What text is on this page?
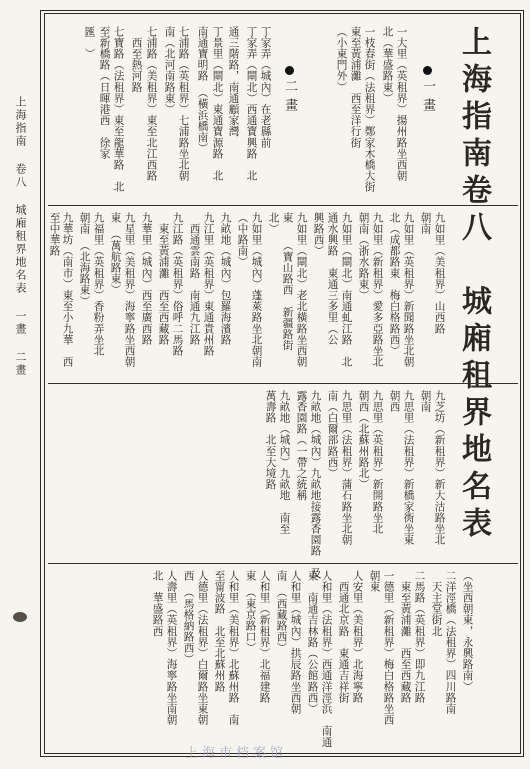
上海指南 卷八 城廂租界地名表 一畫 二畫	上海指南卷八　城廂租界地名表
一畫
二畫	一大里（英租界）揚州路坐西朝
北（華盛路東）
一枝春街（法租界）鄭家木橋大街
東至黃浦灘　西至洋行街
（小東門外）
丁家弄（城內）在老縣前
丁家弄（閘北）西通寶興路　北
通三階路，南通顧家灣
丁景里（閘北）東通寶源路　北
南通寶明路　（橫浜橋南）
七浦路（英租界）七浦路坐北朝
南（北河南路東）
七浦路（美租界）東至北江西路
　西至熱河路
七寶路（法租界）東至龍華路　北
至新橋路（日暉港西　徐家
匯　）
九如里（美租界）山西路
朝南
九如里（英租界）新聞路坐北朝
北（成都路東　梅白格路西）
九如里（新租界）愛多亞路坐北
朝南（浙水路東）
九如里（閘北）南通虬江路　北
通水興路　東通三多里（公
興路西）
九如里（閘北）老北橫路坐西朝
東　　（寶山路西　新疆路街
北）
九如里（城內）蓬萊路坐北朝南
（中路南）
九畝地（城內）包羅海濱路
九江里（英租界）東通貴州路
　西通雲南路　南通九江路
九江路（英租界）俗呼二馬路
　東至黃浦灘　西至西藏路
九華里（城內）西至廣西路
九星里（美租界）海寧路坐西朝
東　（萬航路東）
九福里（英租界）香粉弄坐北
朝南　（北海路東）
九華坊（南市）東至小九華　西
至中華路
九芝坊（新租界）新大沽路坐北
朝南
九思里（法租界）新橋家衖坐東
朝西
九思里（英租界）新開路坐北
朝西（北蘇州路北）
九思里（法租界）蒲石路坐北朝
南（白爾部路西）
九畝地（城內）九畝地接露香園路　及
露香園路（一帶之統稱
九畝地（城內）九畝地　南至
萬壽路　北至大境路
（坐西朝東，永興路南）
二洋涇橋（法租界）四川路南
　天主堂街北
二馬路（英租界）即九江路
　東至黃浦灘　西至西藏路
一德里（新租界）梅白格路坐西
朝東
人安里（美租界）北海寧路
　西通北京路　東通吉祥街
人和里（法租界）西通洋涇浜　南通
東　南通吉林路（公館路西）
人和里（城內）拱辰路坐西朝
南　（西藏路西）
人和里（新租界）北福建路
東　（東京路口）
人和里（美租界）北蘇州路　南
至甯波路　北至北蘇州路
人德里（法租界）白爾路坐東朝
西　（馬格納路西）
人壽里（英租界）海寧路坐南朝
北　華盛路西
上海市档案馆
